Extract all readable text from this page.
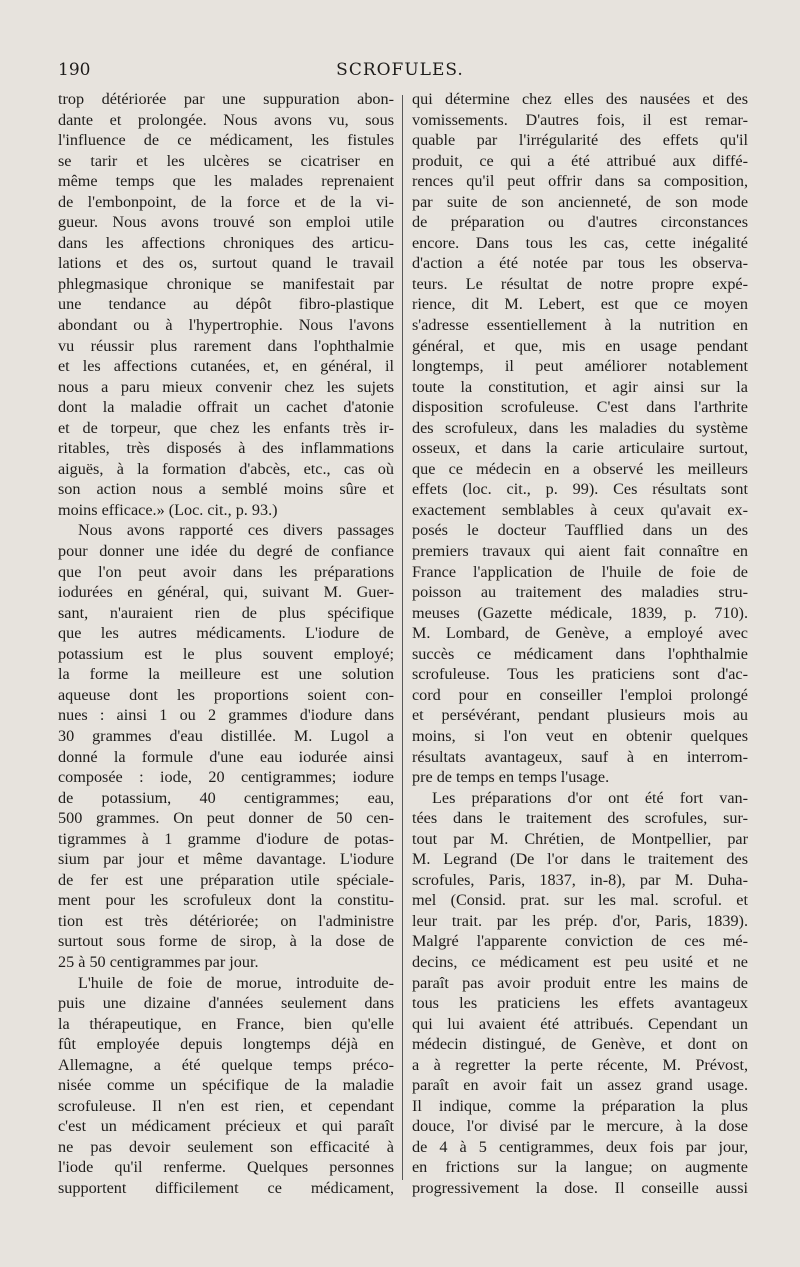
190	SCROFULES.
trop détériorée par une suppuration abon-
dante et prolongée. Nous avons vu, sous
l'influence de ce médicament, les fistules
se tarir et les ulcères se cicatriser en
même temps que les malades reprenaient
de l'embonpoint, de la force et de la vi-
gueur. Nous avons trouvé son emploi utile
dans les affections chroniques des articu-
lations et des os, surtout quand le travail
phlegmasique chronique se manifestait par
une tendance au dépôt fibro-plastique
abondant ou à l'hypertrophie. Nous l'avons
vu réussir plus rarement dans l'ophthalmie
et les affections cutanées, et, en général, il
nous a paru mieux convenir chez les sujets
dont la maladie offrait un cachet d'atonie
et de torpeur, que chez les enfants très ir-
ritables, très disposés à des inflammations
aiguës, à la formation d'abcès, etc., cas où
son action nous a semblé moins sûre et
moins efficace.» (Loc. cit., p. 93.)
Nous avons rapporté ces divers passages
pour donner une idée du degré de confiance
que l'on peut avoir dans les préparations
iodurées en général, qui, suivant M. Guer-
sant, n'auraient rien de plus spécifique
que les autres médicaments. L'iodure de
potassium est le plus souvent employé;
la forme la meilleure est une solution
aqueuse dont les proportions soient con-
nues : ainsi 1 ou 2 grammes d'iodure dans
30 grammes d'eau distillée. M. Lugol a
donné la formule d'une eau iodurée ainsi
composée : iode, 20 centigrammes; iodure
de potassium, 40 centigrammes; eau,
500 grammes. On peut donner de 50 cen-
tigrammes à 1 gramme d'iodure de potas-
sium par jour et même davantage. L'iodure
de fer est une préparation utile spéciale-
ment pour les scrofuleux dont la constitu-
tion est très détériorée; on l'administre
surtout sous forme de sirop, à la dose de
25 à 50 centigrammes par jour.
L'huile de foie de morue, introduite de-
puis une dizaine d'années seulement dans
la thérapeutique, en France, bien qu'elle
fût employée depuis longtemps déjà en
Allemagne, a été quelque temps préco-
nisée comme un spécifique de la maladie
scrofuleuse. Il n'en est rien, et cependant
c'est un médicament précieux et qui paraît
ne pas devoir seulement son efficacité à
l'iode qu'il renferme. Quelques personnes
supportent difficilement ce médicament,
qui détermine chez elles des nausées et des
vomissements. D'autres fois, il est remar-
quable par l'irrégularité des effets qu'il
produit, ce qui a été attribué aux diffé-
rences qu'il peut offrir dans sa composition,
par suite de son ancienneté, de son mode
de préparation ou d'autres circonstances
encore. Dans tous les cas, cette inégalité
d'action a été notée par tous les observa-
teurs. Le résultat de notre propre expé-
rience, dit M. Lebert, est que ce moyen
s'adresse essentiellement à la nutrition en
général, et que, mis en usage pendant
longtemps, il peut améliorer notablement
toute la constitution, et agir ainsi sur la
disposition scrofuleuse. C'est dans l'arthrite
des scrofuleux, dans les maladies du système
osseux, et dans la carie articulaire surtout,
que ce médecin en a observé les meilleurs
effets (loc. cit., p. 99). Ces résultats sont
exactement semblables à ceux qu'avait ex-
posés le docteur Taufflied dans un des
premiers travaux qui aient fait connaître en
France l'application de l'huile de foie de
poisson au traitement des maladies stru-
meuses (Gazette médicale, 1839, p. 710).
M. Lombard, de Genève, a employé avec
succès ce médicament dans l'ophthalmie
scrofuleuse. Tous les praticiens sont d'ac-
cord pour en conseiller l'emploi prolongé
et persévérant, pendant plusieurs mois au
moins, si l'on veut en obtenir quelques
résultats avantageux, sauf à en interrom-
pre de temps en temps l'usage.
Les préparations d'or ont été fort van-
tées dans le traitement des scrofules, sur-
tout par M. Chrétien, de Montpellier, par
M. Legrand (De l'or dans le traitement des
scrofules, Paris, 1837, in-8), par M. Duha-
mel (Consid. prat. sur les mal. scroful. et
leur trait. par les prép. d'or, Paris, 1839).
Malgré l'apparente conviction de ces mé-
decins, ce médicament est peu usité et ne
paraît pas avoir produit entre les mains de
tous les praticiens les effets avantageux
qui lui avaient été attribués. Cependant un
médecin distingué, de Genève, et dont on
a à regretter la perte récente, M. Prévost,
paraît en avoir fait un assez grand usage.
Il indique, comme la préparation la plus
douce, l'or divisé par le mercure, à la dose
de 4 à 5 centigrammes, deux fois par jour,
en frictions sur la langue; on augmente
progressivement la dose. Il conseille aussi
